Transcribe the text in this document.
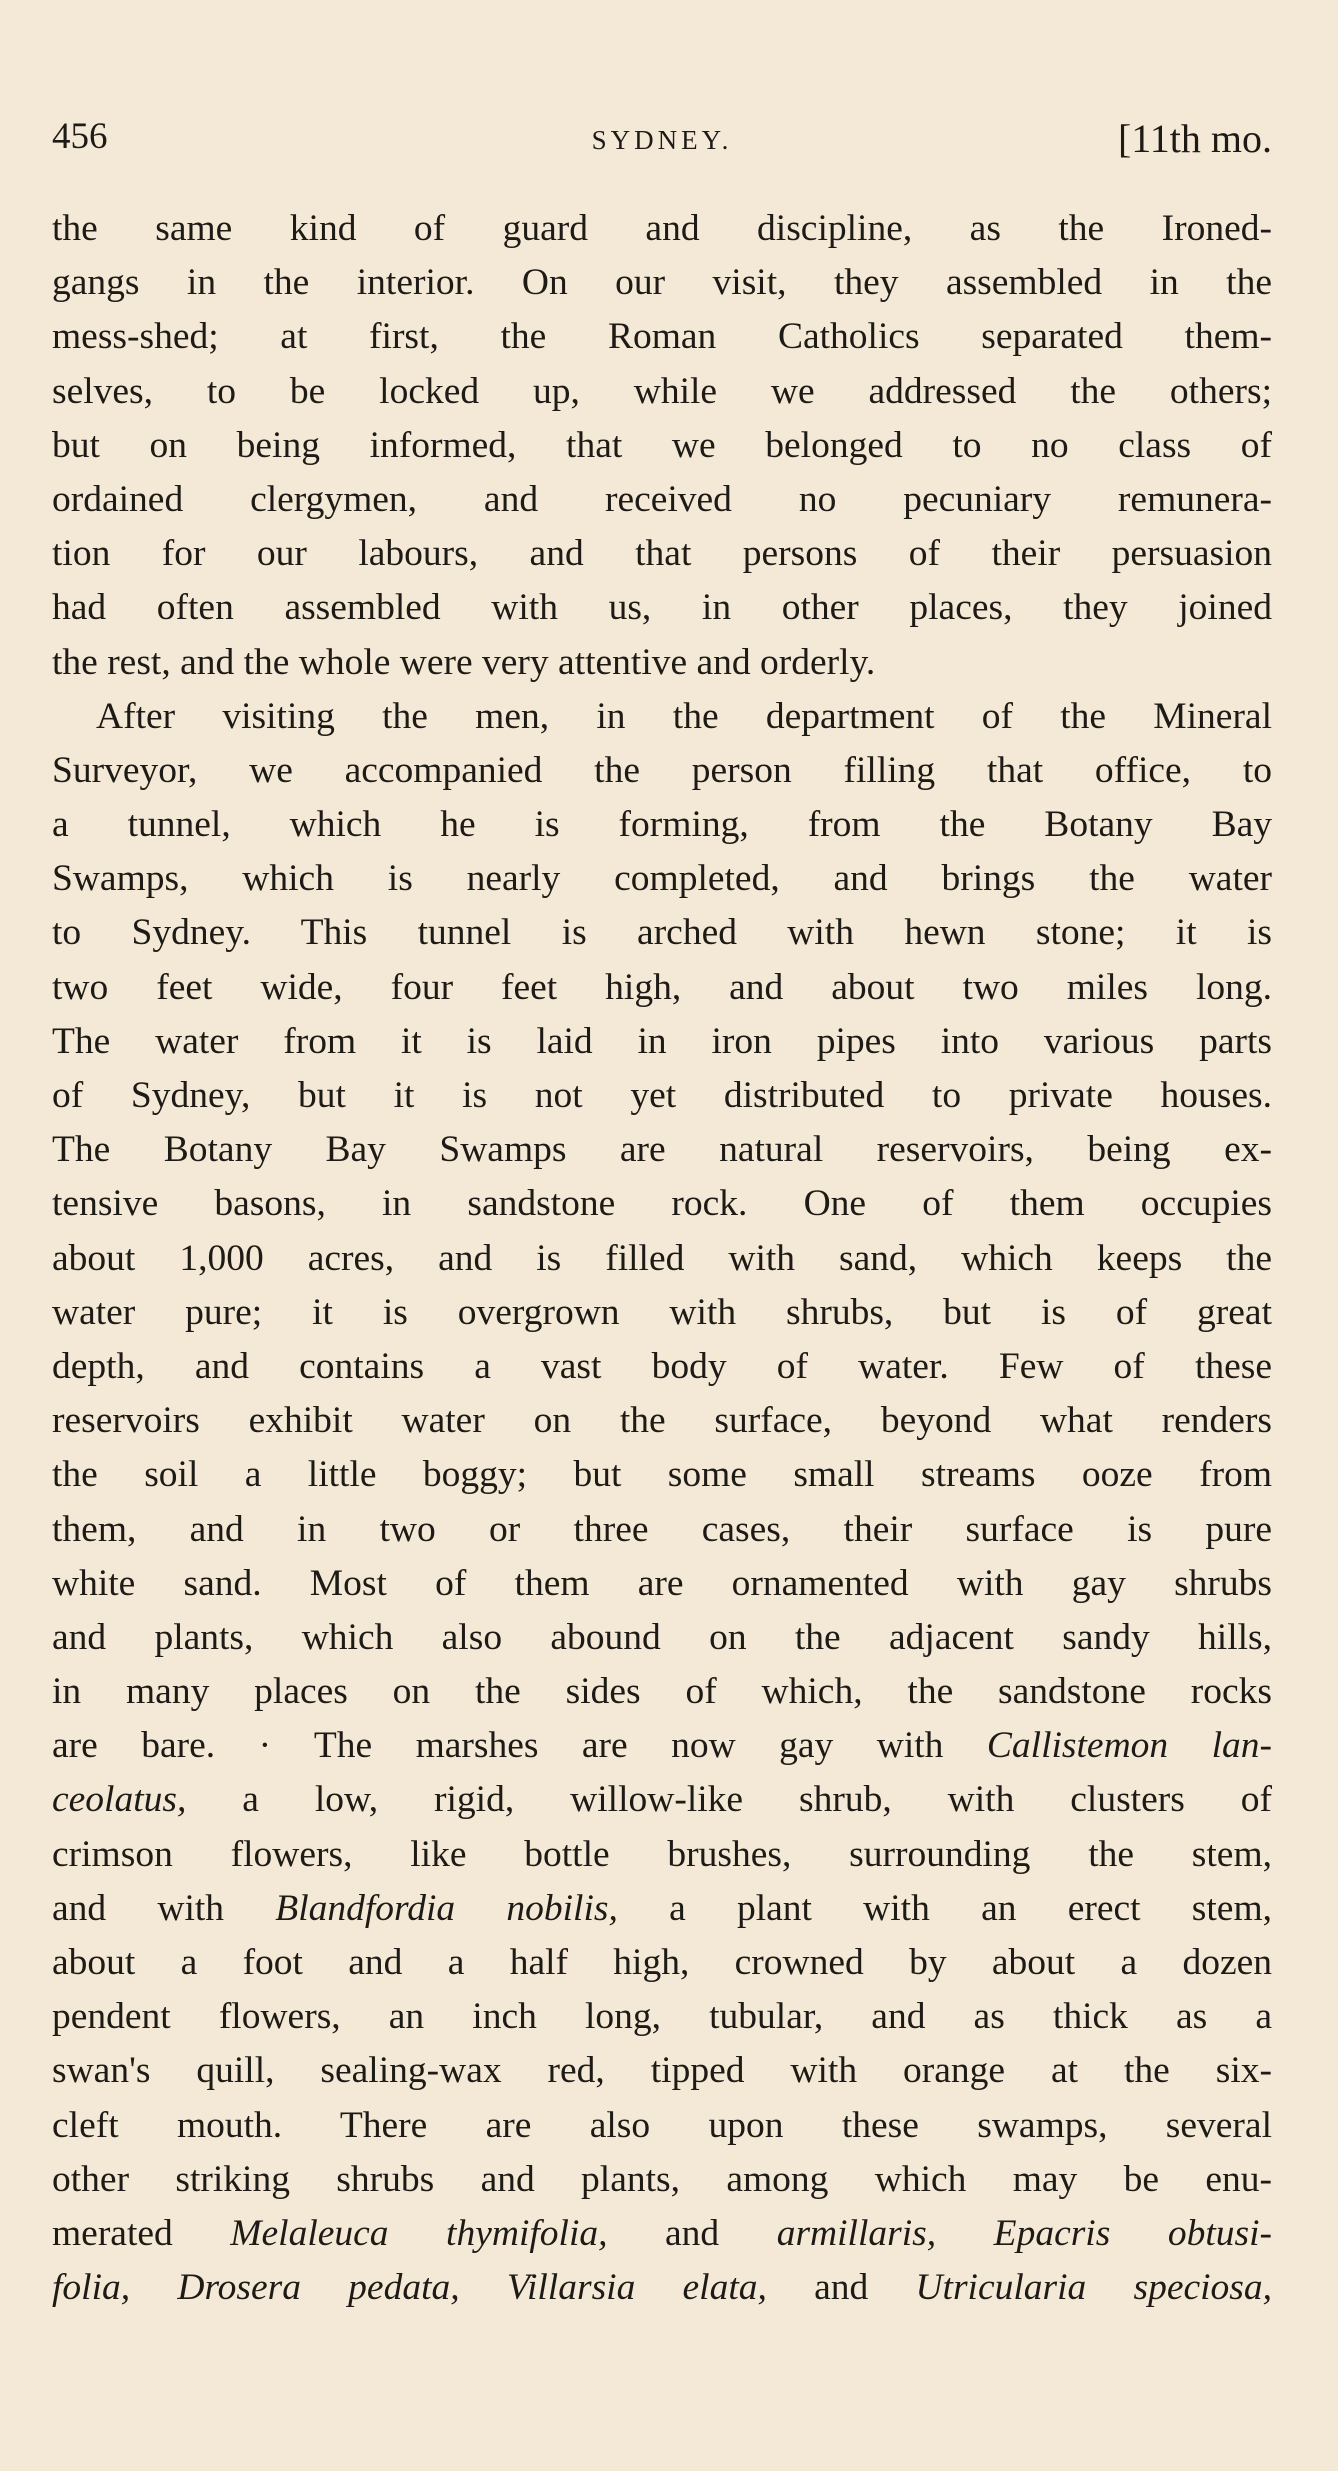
456	SYDNEY.	[11th mo.
the same kind of guard and discipline, as the Ironed-
gangs in the interior. On our visit, they assembled in the
mess-shed; at first, the Roman Catholics separated them-
selves, to be locked up, while we addressed the others;
but on being informed, that we belonged to no class of
ordained clergymen, and received no pecuniary remunera-
tion for our labours, and that persons of their persuasion
had often assembled with us, in other places, they joined
the rest, and the whole were very attentive and orderly.
After visiting the men, in the department of the Mineral
Surveyor, we accompanied the person filling that office, to
a tunnel, which he is forming, from the Botany Bay
Swamps, which is nearly completed, and brings the water
to Sydney. This tunnel is arched with hewn stone; it is
two feet wide, four feet high, and about two miles long.
The water from it is laid in iron pipes into various parts
of Sydney, but it is not yet distributed to private houses.
The Botany Bay Swamps are natural reservoirs, being ex-
tensive basons, in sandstone rock. One of them occupies
about 1,000 acres, and is filled with sand, which keeps the
water pure; it is overgrown with shrubs, but is of great
depth, and contains a vast body of water. Few of these
reservoirs exhibit water on the surface, beyond what renders
the soil a little boggy; but some small streams ooze from
them, and in two or three cases, their surface is pure
white sand. Most of them are ornamented with gay shrubs
and plants, which also abound on the adjacent sandy hills,
in many places on the sides of which, the sandstone rocks
are bare. · The marshes are now gay with Callistemon lan-
ceolatus, a low, rigid, willow-like shrub, with clusters of
crimson flowers, like bottle brushes, surrounding the stem,
and with Blandfordia nobilis, a plant with an erect stem,
about a foot and a half high, crowned by about a dozen
pendent flowers, an inch long, tubular, and as thick as a
swan's quill, sealing-wax red, tipped with orange at the six-
cleft mouth. There are also upon these swamps, several
other striking shrubs and plants, among which may be enu-
merated Melaleuca thymifolia, and armillaris, Epacris obtusi-
folia, Drosera pedata, Villarsia elata, and Utricularia speciosa,
